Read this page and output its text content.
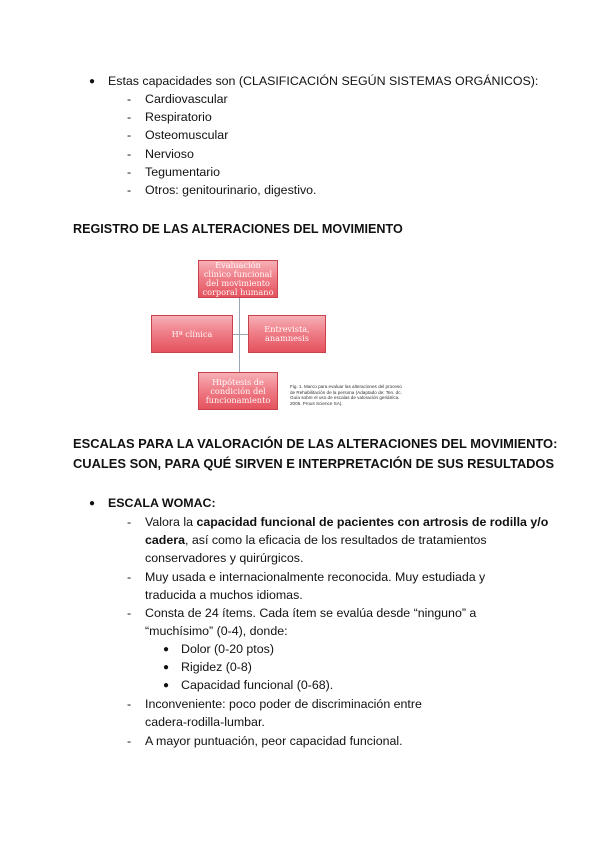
● Estas capacidades son (CLASIFICACIÓN SEGÚN SISTEMAS ORGÁNICOS):
- Cardiovascular
- Respiratorio
- Osteomuscular
- Nervioso
- Tegumentario
- Otros: genitourinario, digestivo.
REGISTRO DE LAS ALTERACIONES DEL MOVIMIENTO
Evaluación clínico funcional del movimiento corporal humano
Hª clínica	Entrevista, anamnesis
Hipótesis de condición del funcionamiento
Fig. 1. Marco para evaluar las alteraciones del proceso de Rehabilitación de la persona (Adaptado de: Ten. dc. Guía sobre el uso de escalas de valoración geriátrica. 2005. Prous Science SA).
ESCALAS PARA LA VALORACIÓN DE LAS ALTERACIONES DEL MOVIMIENTO:
CUALES SON, PARA QUÉ SIRVEN E INTERPRETACIÓN DE SUS RESULTADOS
● ESCALA WOMAC:
- Valora la capacidad funcional de pacientes con artrosis de rodilla y/o
cadera, así como la eficacia de los resultados de tratamientos
conservadores y quirúrgicos.
- Muy usada e internacionalmente reconocida. Muy estudiada y
traducida a muchos idiomas.
- Consta de 24 ítems. Cada ítem se evalúa desde “ninguno” a
“muchísimo” (0-4), donde:
● Dolor (0-20 ptos)
● Rigidez (0-8)
● Capacidad funcional (0-68).
- Inconveniente: poco poder de discriminación entre
cadera-rodilla-lumbar.
- A mayor puntuación, peor capacidad funcional.
